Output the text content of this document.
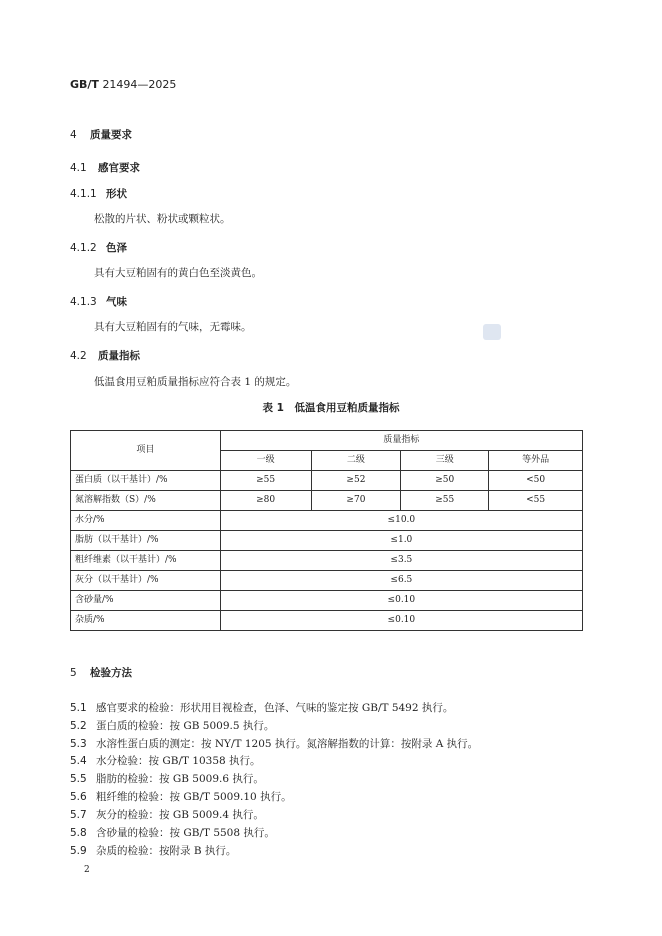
GB/T 21494—2025
4 质量要求
4.1 感官要求
4.1.1 形状
松散的片状、粉状或颗粒状。
4.1.2 色泽
具有大豆粕固有的黄白色至淡黄色。
4.1.3 气味
具有大豆粕固有的气味，无霉味。
4.2 质量指标
低温食用豆粕质量指标应符合表 1 的规定。
表 1　低温食用豆粕质量指标
项目	质量指标			
	一级	二级	三级	等外品
蛋白质（以干基计）/%	≥55	≥52	≥50	<50
氮溶解指数（S）/%	≥80	≥70	≥55	<55
水分/%	≤10.0			
脂肪（以干基计）/%	≤1.0			
粗纤维素（以干基计）/%	≤3.5			
灰分（以干基计）/%	≤6.5			
含砂量/%	≤0.10			
杂质/%	≤0.10			
5 检验方法
5.1 感官要求的检验：形状用目视检查，色泽、气味的鉴定按 GB/T 5492 执行。
5.2 蛋白质的检验：按 GB 5009.5 执行。
5.3 水溶性蛋白质的测定：按 NY/T 1205 执行。氮溶解指数的计算：按附录 A 执行。
5.4 水分检验：按 GB/T 10358 执行。
5.5 脂肪的检验：按 GB 5009.6 执行。
5.6 粗纤维的检验：按 GB/T 5009.10 执行。
5.7 灰分的检验：按 GB 5009.4 执行。
5.8 含砂量的检验：按 GB/T 5508 执行。
5.9 杂质的检验：按附录 B 执行。
2
